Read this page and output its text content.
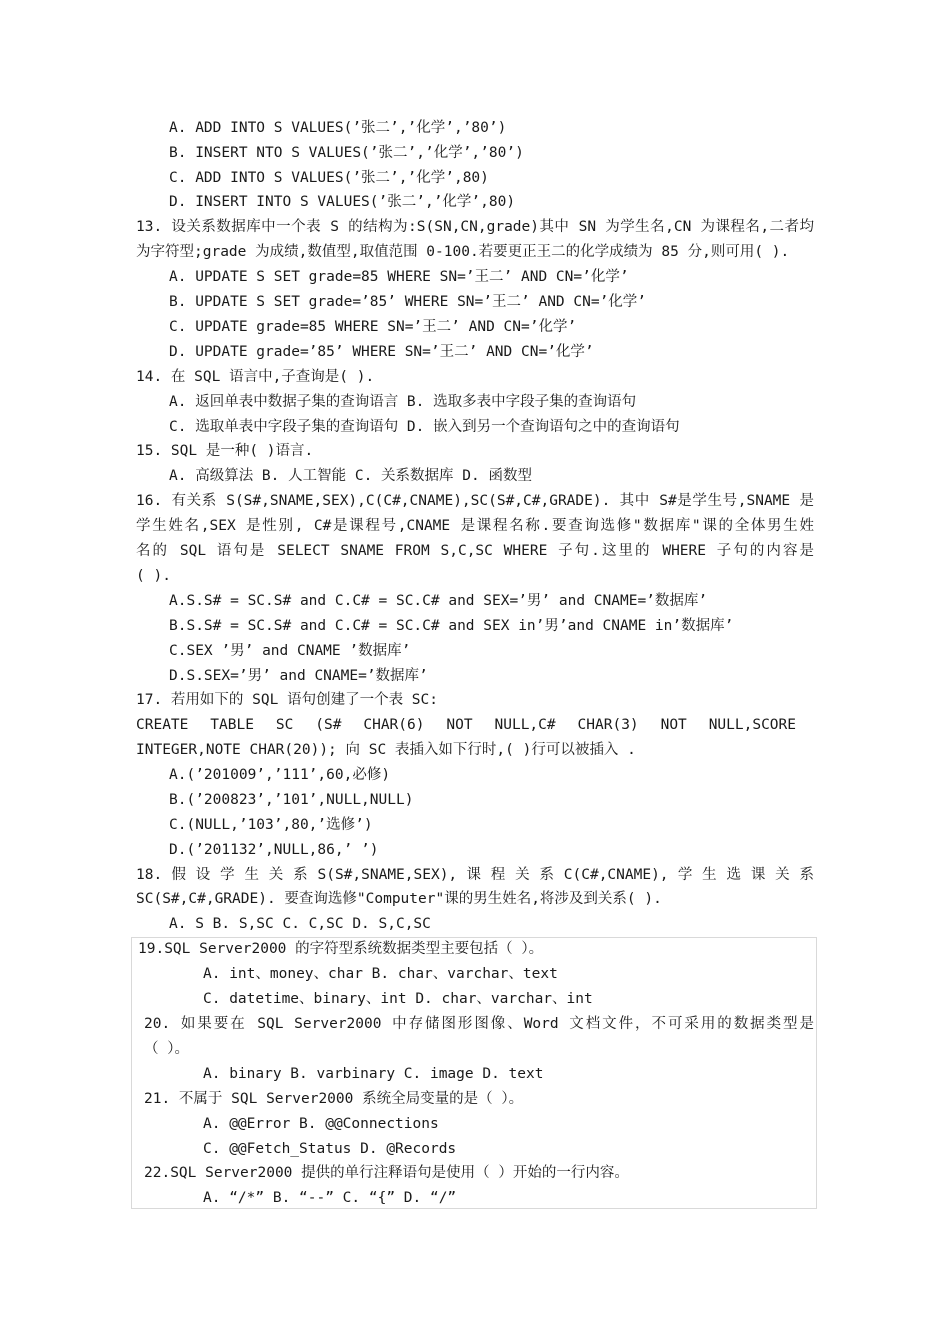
A. ADD INTO S VALUES(’张二’,’化学’,’80’)
B. INSERT NTO S VALUES(’张二’,’化学’,’80’)
C. ADD INTO S VALUES(’张二’,’化学’,80)
D. INSERT INTO S VALUES(’张二’,’化学’,80)
13. 设关系数据库中一个表 S 的结构为:S(SN,CN,grade)其中 SN 为学生名,CN 为课程名,二者均
为字符型;grade 为成绩,数值型,取值范围 0-100.若要更正王二的化学成绩为 85 分,则可用( ).
A. UPDATE S SET grade=85 WHERE SN=’王二’ AND CN=’化学’
B. UPDATE S SET grade=’85’ WHERE SN=’王二’ AND CN=’化学’
C. UPDATE grade=85 WHERE SN=’王二’ AND CN=’化学’
D. UPDATE grade=’85’ WHERE SN=’王二’ AND CN=’化学’
14. 在 SQL 语言中,子查询是( ).
A. 返回单表中数据子集的查询语言 B. 选取多表中字段子集的查询语句
C. 选取单表中字段子集的查询语句 D. 嵌入到另一个查询语句之中的查询语句
15. SQL 是一种( )语言.
A. 高级算法 B. 人工智能 C. 关系数据库 D. 函数型
16. 有关系 S(S#,SNAME,SEX),C(C#,CNAME),SC(S#,C#,GRADE). 其中 S#是学生号,SNAME 是
学生姓名,SEX 是性别, C#是课程号,CNAME 是课程名称.要查询选修"数据库"课的全体男生姓
名的 SQL 语句是 SELECT SNAME FROM S,C,SC WHERE 子句.这里的 WHERE 子句的内容是
( ).
A.S.S# = SC.S# and C.C# = SC.C# and SEX=’男’ and CNAME=’数据库’
B.S.S# = SC.S# and C.C# = SC.C# and SEX in’男’and CNAME in’数据库’
C.SEX ’男’ and CNAME ’数据库’
D.S.SEX=’男’ and CNAME=’数据库’
17. 若用如下的 SQL 语句创建了一个表 SC:
CREATE TABLE SC (S# CHAR(6) NOT NULL,C# CHAR(3) NOT NULL,SCORE
INTEGER,NOTE CHAR(20)); 向 SC 表插入如下行时,( )行可以被插入 .
A.(’201009’,’111’,60,必修)
B.(’200823’,’101’,NULL,NULL)
C.(NULL,’103’,80,’选修’)
D.(’201132’,NULL,86,’ ’)
18. 假 设 学 生 关 系 S(S#,SNAME,SEX), 课 程 关 系 C(C#,CNAME), 学 生 选 课 关 系
SC(S#,C#,GRADE). 要查询选修"Computer"课的男生姓名,将涉及到关系( ).
A. S B. S,SC C. C,SC D. S,C,SC
19.SQL Server2000 的字符型系统数据类型主要包括（ ）。
A. int、money、char B. char、varchar、text
C. datetime、binary、int D. char、varchar、int
20. 如果要在 SQL Server2000 中存储图形图像、Word 文档文件，不可采用的数据类型是
（ ）。
A. binary B. varbinary C. image D. text
21. 不属于 SQL Server2000 系统全局变量的是（ ）。
A. @@Error B. @@Connections
C. @@Fetch_Status D. @Records
22.SQL Server2000 提供的单行注释语句是使用（ ）开始的一行内容。
A. “/*” B. “--” C. “{” D. “/”
